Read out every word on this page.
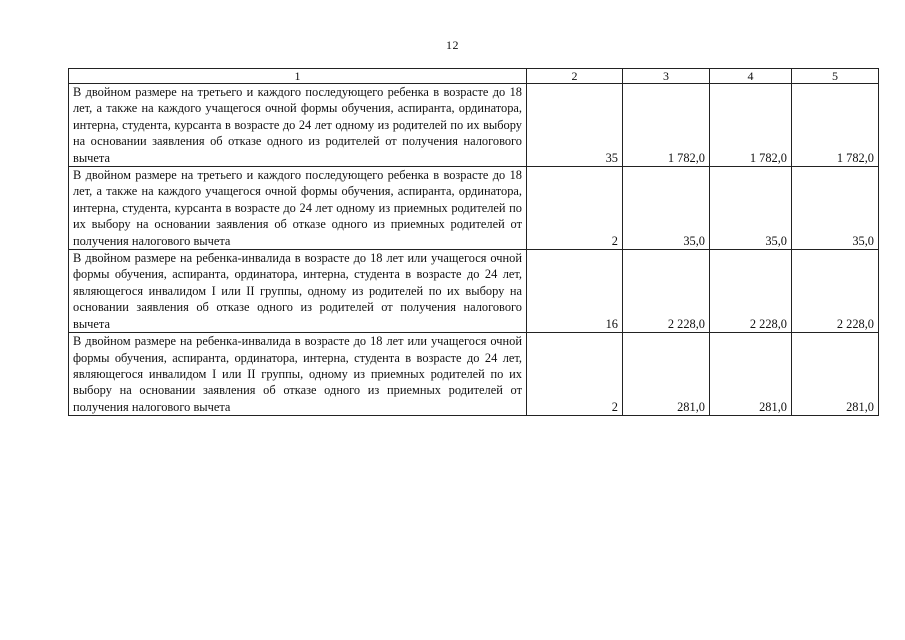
12
1	2	3	4	5
В двойном размере на третьего и каждого последующего ребенка в возрасте до 18 лет, а также на каждого учащегося очной формы обучения, аспиранта, ординатора, интерна, студента, курсанта в возрасте до 24 лет одному из родителей по их выбору на основании заявления об отказе одного из родителей от получения налогового вычета	35	1 782,0	1 782,0	1 782,0
В двойном размере на третьего и каждого последующего ребенка в возрасте до 18 лет, а также на каждого учащегося очной формы обучения, аспиранта, ординатора, интерна, студента, курсанта в возрасте до 24 лет одному из приемных родителей по их выбору на основании заявления об отказе одного из приемных родителей от получения налогового вычета	2	35,0	35,0	35,0
В двойном размере на ребенка-инвалида в возрасте до 18 лет или учащегося очной формы обучения, аспиранта, ординатора, интерна, студента в возрасте до 24 лет, являющегося инвалидом I или II группы, одному из родителей по их выбору на основании заявления об отказе одного из родителей от получения налогового вычета	16	2 228,0	2 228,0	2 228,0
В двойном размере на ребенка-инвалида в возрасте до 18 лет или учащегося очной формы обучения, аспиранта, ординатора, интерна, студента в возрасте до 24 лет, являющегося инвалидом I или II группы, одному из приемных родителей по их выбору на основании заявления об отказе одного из приемных родителей от получения налогового вычета	2	281,0	281,0	281,0
